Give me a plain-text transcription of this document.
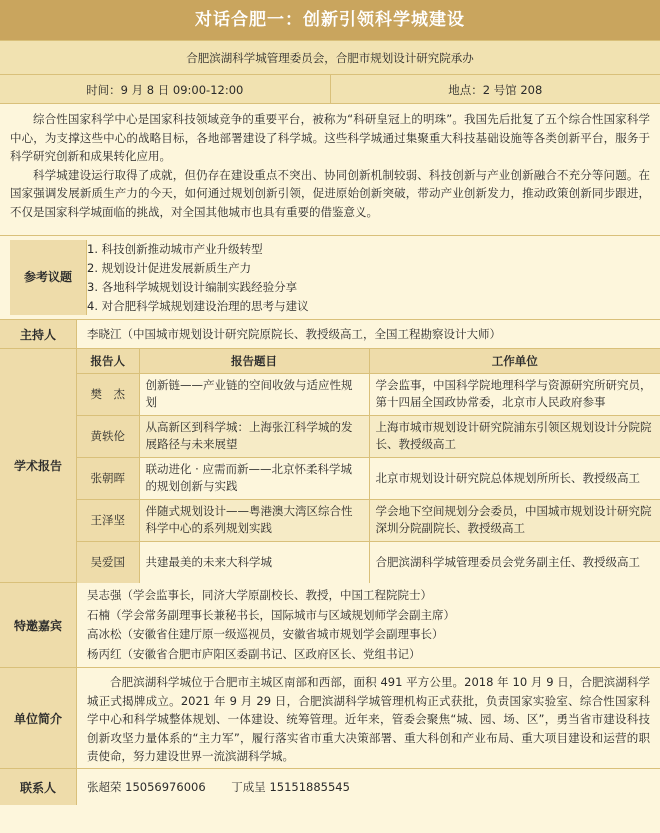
对话合肥一：创新引领科学城建设
合肥滨湖科学城管理委员会，合肥市规划设计研究院承办
时间：9 月 8 日 09:00-12:00	地点：2 号馆 208

综合性国家科学中心是国家科技领域竞争的重要平台，被称为“科研皇冠上的明珠”。我国先后批复了五个综合性国家科学中心，为支撑这些中心的战略目标，各地部署建设了科学城。这些科学城通过集聚重大科技基础设施等各类创新平台，服务于科学研究创新和成果转化应用。

科学城建设运行取得了成就，但仍存在建设重点不突出、协同创新机制较弱、科技创新与产业创新融合不充分等问题。在国家强调发展新质生产力的今天，如何通过规划创新引领，促进原始创新突破，带动产业创新发力，推动政策创新同步跟进，不仅是国家科学城面临的挑战，对全国其他城市也具有重要的借鉴意义。

参考议题
1. 科技创新推动城市产业升级转型
2. 规划设计促进发展新质生产力
3. 各地科学城规划设计编制实践经验分享
4. 对合肥科学城规划建设治理的思考与建议
主持人	李晓江（中国城市规划设计研究院原院长、教授级高工，全国工程勘察设计大师）
学术报告
报告人	报告题目	工作单位
樊　杰	创新链——产业链的空间收敛与适应性规划	学会监事，中国科学院地理科学与资源研究所研究员，第十四届全国政协常委，北京市人民政府参事
黄轶伦	从高新区到科学城：上海张江科学城的发展路径与未来展望	上海市城市规划设计研究院浦东引领区规划设计分院院长、教授级高工
张朝晖	联动进化 · 应需而新——北京怀柔科学城的规划创新与实践	北京市规划设计研究院总体规划所所长、教授级高工
王泽坚	伴随式规划设计——粤港澳大湾区综合性科学中心的系列规划实践	学会地下空间规划分会委员，中国城市规划设计研究院深圳分院副院长、教授级高工
吴爱国	共建最美的未来大科学城	合肥滨湖科学城管理委员会党务副主任、教授级高工
特邀嘉宾
吴志强（学会监事长，同济大学原副校长、教授，中国工程院院士）
石楠（学会常务副理事长兼秘书长，国际城市与区域规划师学会副主席）
高冰松（安徽省住建厅原一级巡视员，安徽省城市规划学会副理事长）
杨丙红（安徽省合肥市庐阳区委副书记、区政府区长、党组书记）
单位简介

合肥滨湖科学城位于合肥市主城区南部和西部，面积 491 平方公里。2018 年 10 月 9 日，合肥滨湖科学城正式揭牌成立。2021 年 9 月 29 日，合肥滨湖科学城管理机构正式获批，负责国家实验室、综合性国家科学中心和科学城整体规划、一体建设、统筹管理。近年来，管委会聚焦“城、园、场、区”，勇当省市建设科技创新攻坚力量体系的“主力军”，履行落实省市重大决策部署、重大科创和产业布局、重大项目建设和运营的职责使命，努力建设世界一流滨湖科学城。

联系人	张超荣 15056976006 丁成呈 15151885545
